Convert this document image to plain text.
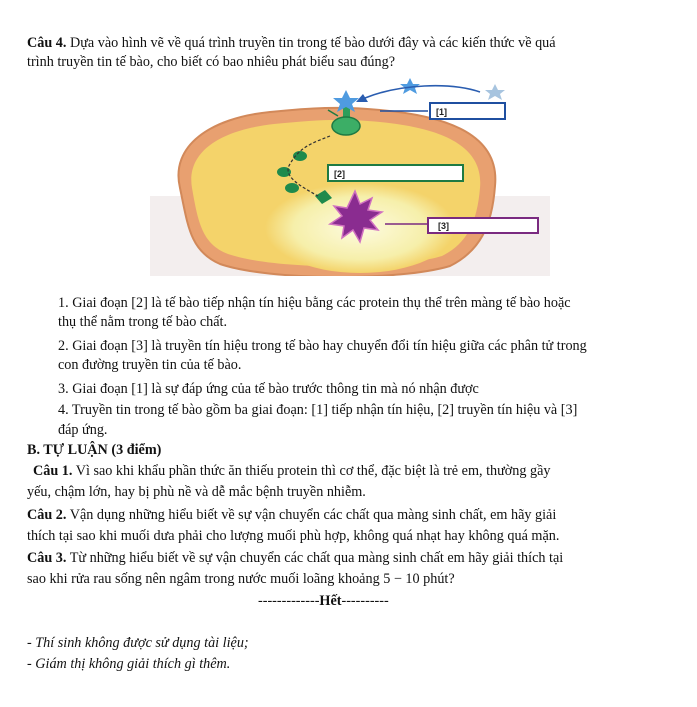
Câu 4. Dựa vào hình vẽ về quá trình truyền tin trong tế bào dưới đây và các kiến thức về quá
trình truyền tin tế bào, cho biết có bao nhiêu phát biểu sau đúng?
[1]
[2]
[3]
1. Giai đoạn [2] là tế bào tiếp nhận tín hiệu bằng các protein thụ thể trên màng tế bào hoặc
thụ thể nằm trong tế bào chất.
2. Giai đoạn [3] là truyền tín hiệu trong tế bào hay chuyển đổi tín hiệu giữa các phân tử trong
con đường truyền tin của tế bào.
3. Giai đoạn [1] là sự đáp ứng của tế bào trước thông tin mà nó nhận được
4. Truyền tin trong tế bào gồm ba giai đoạn: [1] tiếp nhận tín hiệu, [2] truyền tín hiệu và [3]
đáp ứng.
B. TỰ LUẬN (3 điểm)
Câu 1. Vì sao khi khẩu phần thức ăn thiếu protein thì cơ thể, đặc biệt là trẻ em, thường gầy
yếu, chậm lớn, hay bị phù nề và dễ mắc bệnh truyền nhiễm.
Câu 2. Vận dụng những hiểu biết về sự vận chuyển các chất qua màng sinh chất, em hãy giải
thích tại sao khi muối dưa phải cho lượng muối phù hợp, không quá nhạt hay không quá mặn.
Câu 3. Từ những hiểu biết về sự vận chuyển các chất qua màng sinh chất em hãy giải thích tại
sao khi rửa rau sống nên ngâm trong nước muối loãng khoảng 5 − 10 phút?
-------------Hết----------
- Thí sinh không được sử dụng tài liệu;
- Giám thị không giải thích gì thêm.
